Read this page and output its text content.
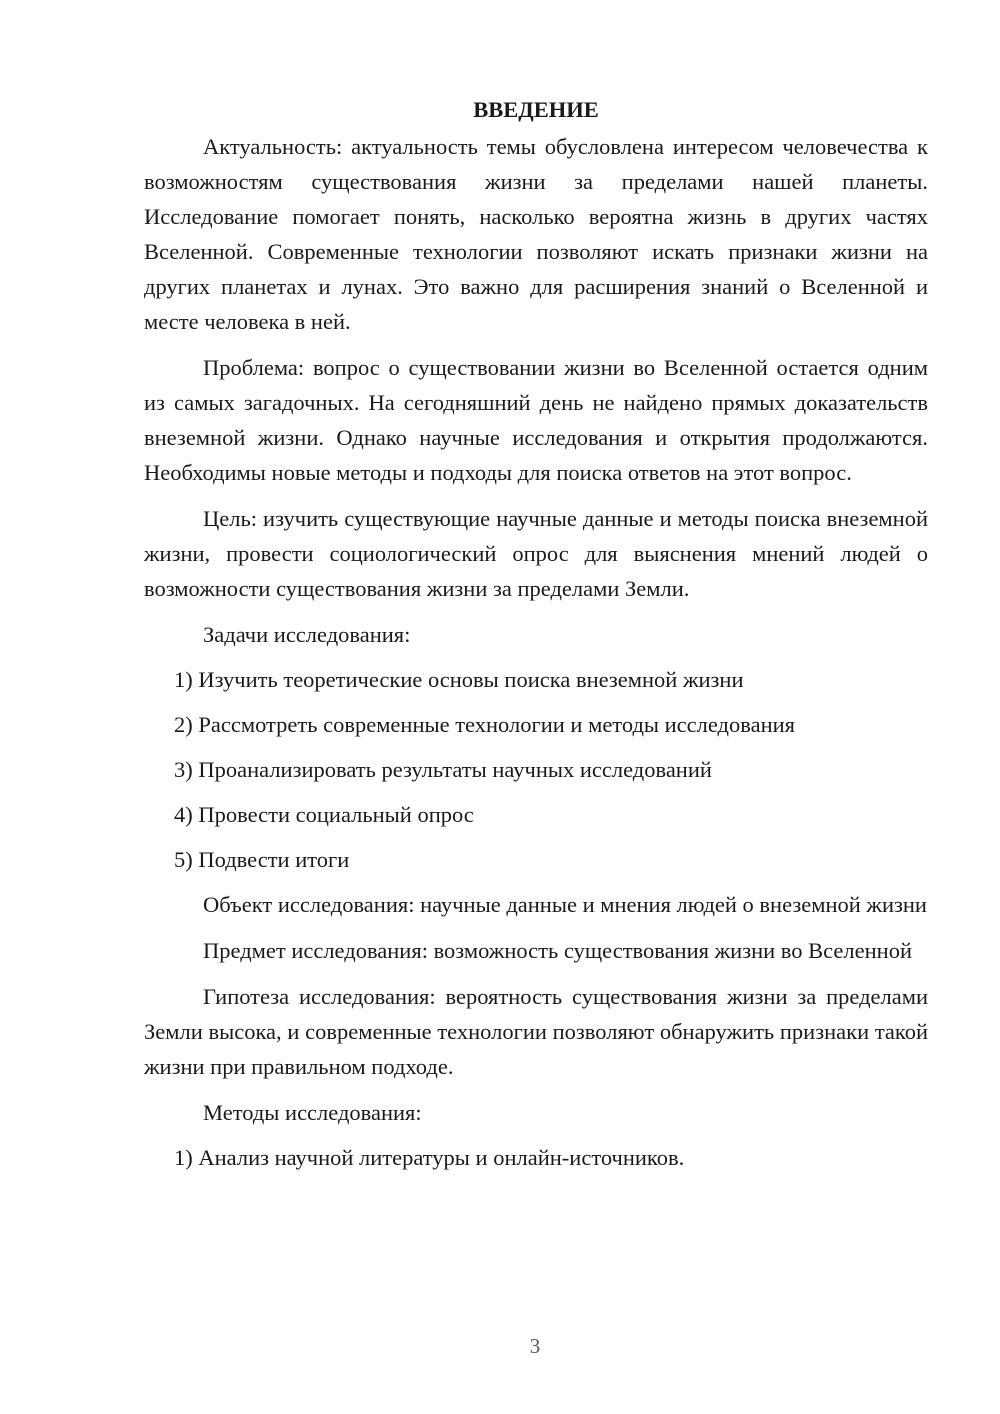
ВВЕДЕНИЕ

Актуальность: актуальность темы обусловлена интересом человечества к возможностям существования жизни за пределами нашей планеты. Исследование помогает понять, насколько вероятна жизнь в других частях Вселенной. Современные технологии позволяют искать признаки жизни на других планетах и лунах. Это важно для расширения знаний о Вселенной и месте человека в ней.

Проблема: вопрос о существовании жизни во Вселенной остается одним из самых загадочных. На сегодняшний день не найдено прямых доказательств внеземной жизни. Однако научные исследования и открытия продолжаются. Необходимы новые методы и подходы для поиска ответов на этот вопрос.

Цель: изучить существующие научные данные и методы поиска внеземной жизни, провести социологический опрос для выяснения мнений людей о возможности существования жизни за пределами Земли.

Задачи исследования:
1) Изучить теоретические основы поиска внеземной жизни
2) Рассмотреть современные технологии и методы исследования
3) Проанализировать результаты научных исследований
4) Провести социальный опрос
5) Подвести итоги

Объект исследования: научные данные и мнения людей о внеземной жизни

Предмет исследования: возможность существования жизни во Вселенной

Гипотеза исследования: вероятность существования жизни за пределами Земли высока, и современные технологии позволяют обнаружить признаки такой жизни при правильном подходе.

Методы исследования:
1) Анализ научной литературы и онлайн-источников.
3
